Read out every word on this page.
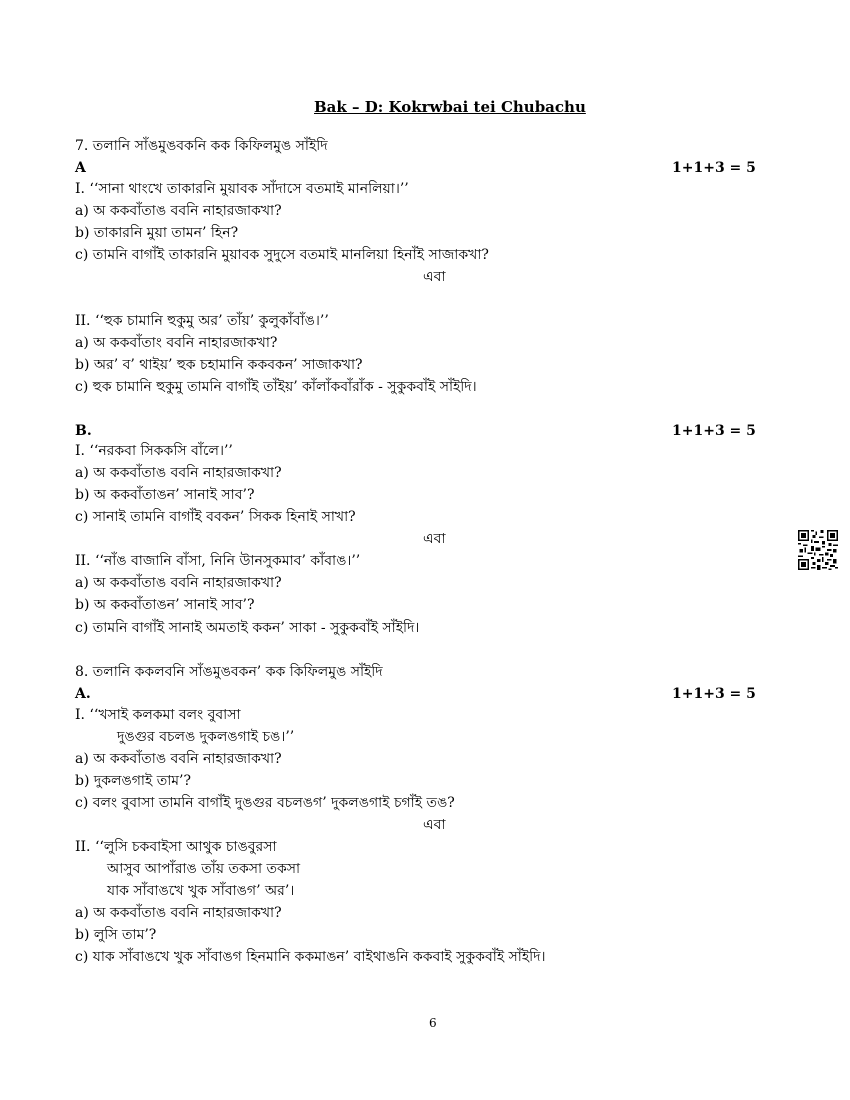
Bak – D: Kokrwbai tei Chubachu
7. তলানি সাঁঙমুঙবকনি কক কিফিলমুঙ সাঁইদি
A	1+1+3 = 5
I. ‘‘সানা থাংখে তাকারনি মুয়াবক সাঁদাসে বতমাই মানলিয়া।’’
a) অ ককবাঁতাঙ ববনি নাহারজাকখা?
b) তাকারনি মুয়া তামন’ হিন?
c) তামনি বাগাঁই তাকারনি মুয়াবক সুদুসে বতমাই মানলিয়া হিনাঁই সাজাকখা?
এবা
II. ‘‘হুক চামানি হুকুমু অর’ তাঁয়’ কুলুকাঁবাঁঙ।’’
a) অ ককবাঁতাং ববনি নাহারজাকখা?
b) অর’ ব’ থাইয়’ হুক চহামানি ককবকন’ সাজাকখা?
c) হুক চামানি হুকুমু তামনি বাগাঁই তাঁইয়’ কাঁলাঁকবাঁরাঁক - সুকুকবাঁই সাঁইদি।
B.	1+1+3 = 5
I. ‘‘নরকবা সিককসি বাঁলে।’’
a) অ ককবাঁতাঙ ববনি নাহারজাকখা?
b) অ ককবাঁতাঙন’ সানাই সাব’?
c) সানাই তামনি বাগাঁই ববকন’ সিকক হিনাই সাখা?
এবা
II. ‘‘নাঁঙ বাজানি বাঁসা, নিনি উানসুকমাব’ কাঁবাঙ।’’
a) অ ককবাঁতাঙ ববনি নাহারজাকখা?
b) অ ককবাঁতাঙন’ সানাই সাব’?
c) তামনি বাগাঁই সানাই অমতাই ককন’ সাকা - সুকুকবাঁই সাঁইদি।
8. তলানি ককলবনি সাঁঙমুঙবকন’ কক কিফিলমুঙ সাঁইদি
A.	1+1+3 = 5
I. ‘‘খসাই কলকমা বলং বুবাসা
দুঙগুর বচলঙ দুকলঙগাই চঙ।’’
a) অ ককবাঁতাঙ ববনি নাহারজাকখা?
b) দুকলঙগাই তাম’?
c) বলং বুবাসা তামনি বাগাঁই দুঙগুর বচলঙগ’ দুকলঙগাই চগাঁই তঙ?
এবা
II. ‘‘লুসি চকবাইসা আথুক চাঙবুরসা
আসুব আপাঁরাঙ তাঁয় তকসা তকসা
যাক সাঁবাঙখে খুক সাঁবাঙগ’ অর’।
a) অ ককবাঁতাঙ ববনি নাহারজাকখা?
b) লুসি তাম’?
c) যাক সাঁবাঙখে খুক সাঁবাঙগ হিনমানি ককমাঙন’ বাইথাঙনি ককবাই সুকুকবাঁই সাঁইদি।
6
